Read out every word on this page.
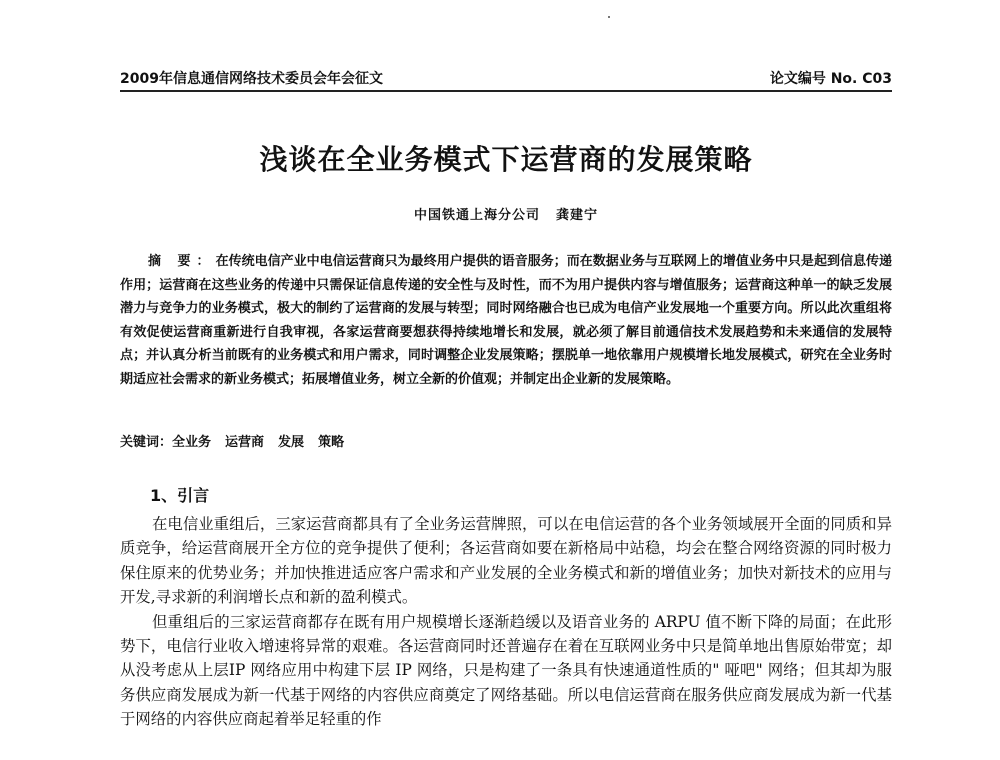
2009年信息通信网络技术委员会年会征文	论文编号 No. C03
浅谈在全业务模式下运营商的发展策略
中国铁通上海分公司 龚建宁
摘 要：在传统电信产业中电信运营商只为最终用户提供的语音服务；而在数据业务与互联网上的增值业务中只是起到信息传递作用；运营商在这些业务的传递中只需保证信息传递的安全性与及时性，而不为用户提供内容与增值服务；运营商这种单一的缺乏发展潜力与竞争力的业务模式，极大的制约了运营商的发展与转型；同时网络融合也已成为电信产业发展地一个重要方向。所以此次重组将有效促使运营商重新进行自我审视，各家运营商要想获得持续地增长和发展，就必须了解目前通信技术发展趋势和未来通信的发展特点；并认真分析当前既有的业务模式和用户需求，同时调整企业发展策略；摆脱单一地依靠用户规模增长地发展模式，研究在全业务时期适应社会需求的新业务模式；拓展增值业务，树立全新的价值观；并制定出企业新的发展策略。
关键词：全业务 运营商 发展 策略
1、引言

在电信业重组后，三家运营商都具有了全业务运营牌照，可以在电信运营的各个业务领域展开全面的同质和异质竞争，给运营商展开全方位的竞争提供了便利；各运营商如要在新格局中站稳，均会在整合网络资源的同时极力保住原来的优势业务；并加快推进适应客户需求和产业发展的全业务模式和新的增值业务；加快对新技术的应用与开发,寻求新的利润增长点和新的盈利模式。

但重组后的三家运营商都存在既有用户规模增长逐渐趋缓以及语音业务的 ARPU 值不断下降的局面；在此形势下，电信行业收入增速将异常的艰难。各运营商同时还普遍存在着在互联网业务中只是简单地出售原始带宽；却从没考虑从上层IP 网络应用中构建下层 IP 网络，只是构建了一条具有快速通道性质的" 哑吧" 网络；但其却为服务供应商发展成为新一代基于网络的内容供应商奠定了网络基础。所以电信运营商在服务供应商发展成为新一代基于网络的内容供应商起着举足轻重的作
